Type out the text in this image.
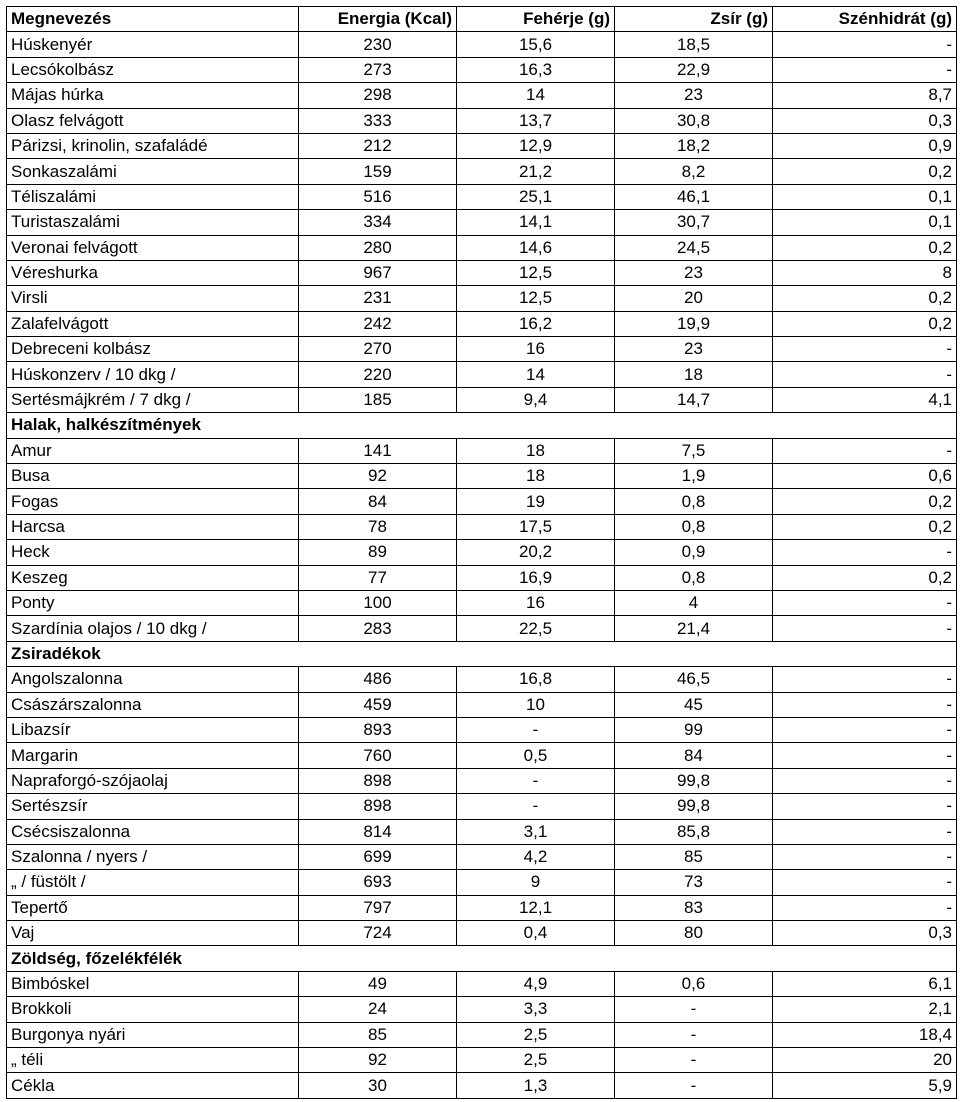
Megnevezés	Energia (Kcal)	Fehérje (g)	Zsír (g)	Szénhidrát (g)
Húskenyér	230	15,6	18,5	-
Lecsókolbász	273	16,3	22,9	-
Májas húrka	298	14	23	8,7
Olasz felvágott	333	13,7	30,8	0,3
Párizsi, krinolin, szafaládé	212	12,9	18,2	0,9
Sonkaszalámi	159	21,2	8,2	0,2
Téliszalámi	516	25,1	46,1	0,1
Turistaszalámi	334	14,1	30,7	0,1
Veronai felvágott	280	14,6	24,5	0,2
Véreshurka	967	12,5	23	8
Virsli	231	12,5	20	0,2
Zalafelvágott	242	16,2	19,9	0,2
Debreceni kolbász	270	16	23	-
Húskonzerv / 10 dkg /	220	14	18	-
Sertésmájkrém / 7 dkg /	185	9,4	14,7	4,1
Halak, halkészítmények				
Amur	141	18	7,5	-
Busa	92	18	1,9	0,6
Fogas	84	19	0,8	0,2
Harcsa	78	17,5	0,8	0,2
Heck	89	20,2	0,9	-
Keszeg	77	16,9	0,8	0,2
Ponty	100	16	4	-
Szardínia olajos / 10 dkg /	283	22,5	21,4	-
Zsiradékok				
Angolszalonna	486	16,8	46,5	-
Császárszalonna	459	10	45	-
Libazsír	893	-	99	-
Margarin	760	0,5	84	-
Napraforgó-szójaolaj	898	-	99,8	-
Sertészsír	898	-	99,8	-
Csécsiszalonna	814	3,1	85,8	-
Szalonna / nyers /	699	4,2	85	-
„ / füstölt /	693	9	73	-
Tepertő	797	12,1	83	-
Vaj	724	0,4	80	0,3
Zöldség, főzelékfélék				
Bimbóskel	49	4,9	0,6	6,1
Brokkoli	24	3,3	-	2,1
Burgonya nyári	85	2,5	-	18,4
„ téli	92	2,5	-	20
Cékla	30	1,3	-	5,9
